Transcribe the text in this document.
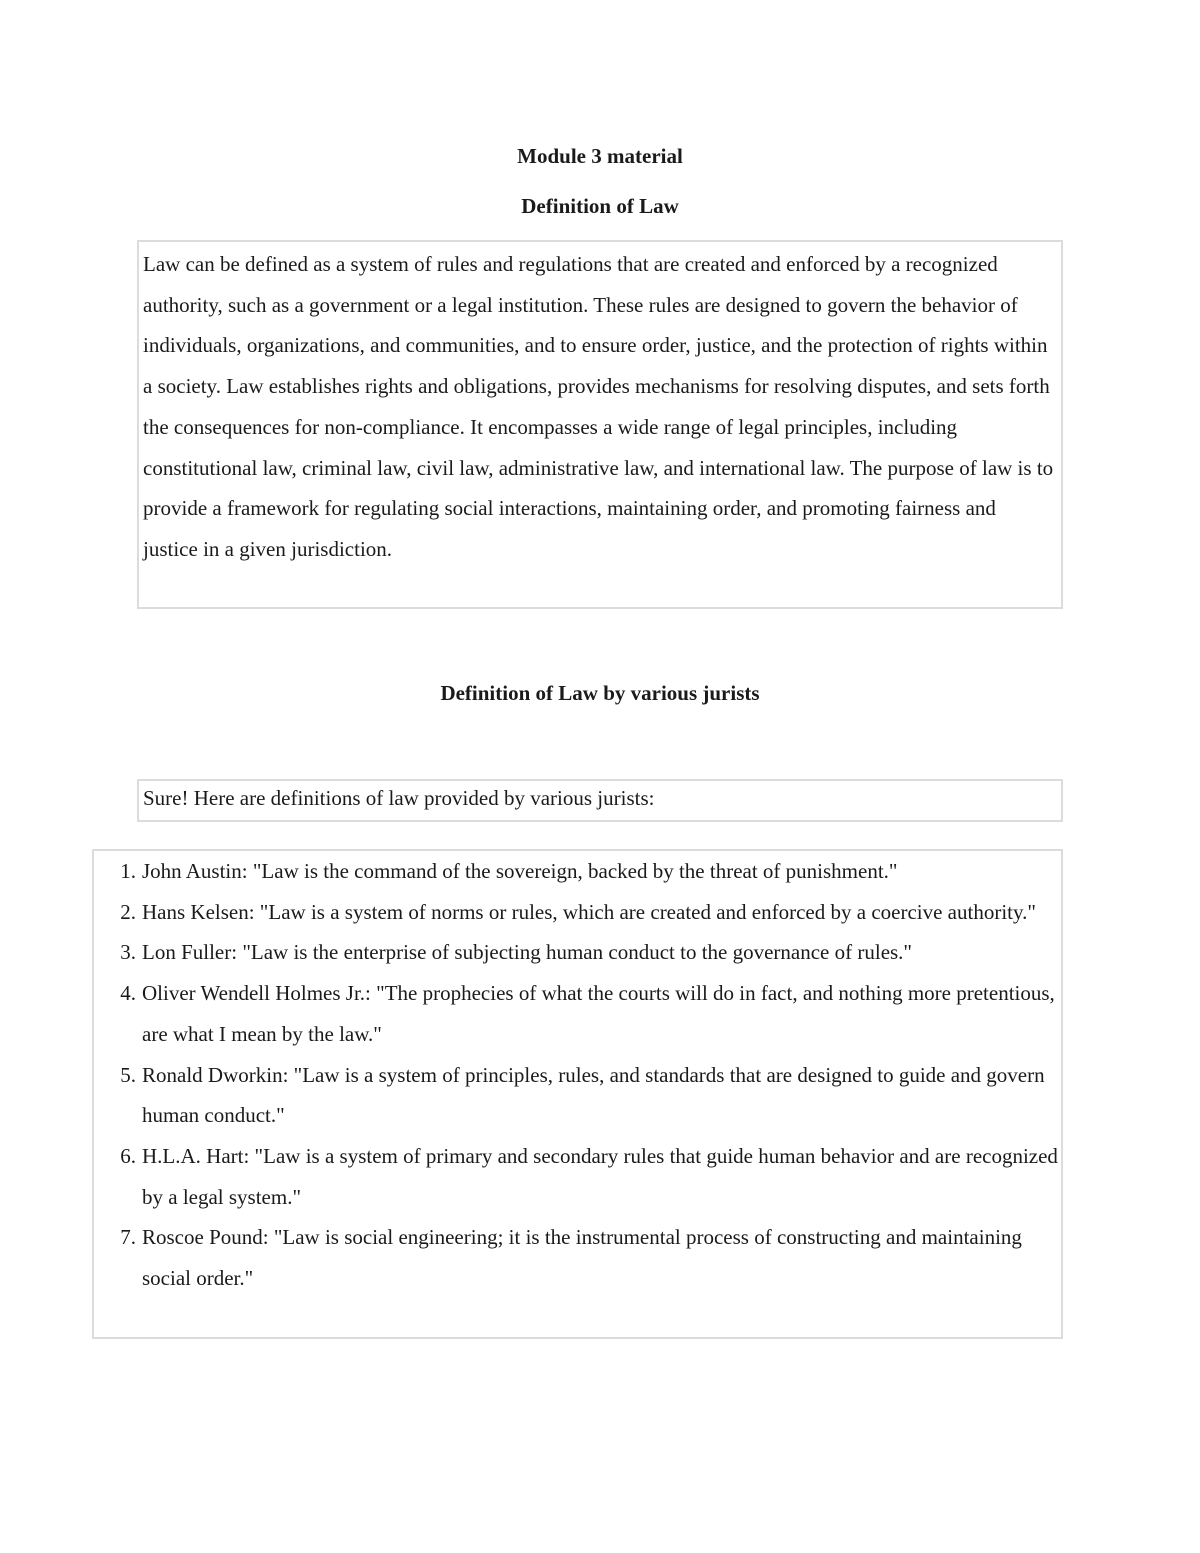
Module 3 material
Definition of Law
Law can be defined as a system of rules and regulations that are created and enforced by a recognized authority, such as a government or a legal institution. These rules are designed to govern the behavior of individuals, organizations, and communities, and to ensure order, justice, and the protection of rights within a society. Law establishes rights and obligations, provides mechanisms for resolving disputes, and sets forth the consequences for non-compliance. It encompasses a wide range of legal principles, including constitutional law, criminal law, civil law, administrative law, and international law. The purpose of law is to provide a framework for regulating social interactions, maintaining order, and promoting fairness and justice in a given jurisdiction.
Definition of Law by various jurists
Sure! Here are definitions of law provided by various jurists:
1. John Austin: "Law is the command of the sovereign, backed by the threat of punishment."
2. Hans Kelsen: "Law is a system of norms or rules, which are created and enforced by a coercive authority."
3. Lon Fuller: "Law is the enterprise of subjecting human conduct to the governance of rules."
4. Oliver Wendell Holmes Jr.: "The prophecies of what the courts will do in fact, and nothing more pretentious, are what I mean by the law."
5. Ronald Dworkin: "Law is a system of principles, rules, and standards that are designed to guide and govern human conduct."
6. H.L.A. Hart: "Law is a system of primary and secondary rules that guide human behavior and are recognized by a legal system."
7. Roscoe Pound: "Law is social engineering; it is the instrumental process of constructing and maintaining social order."
